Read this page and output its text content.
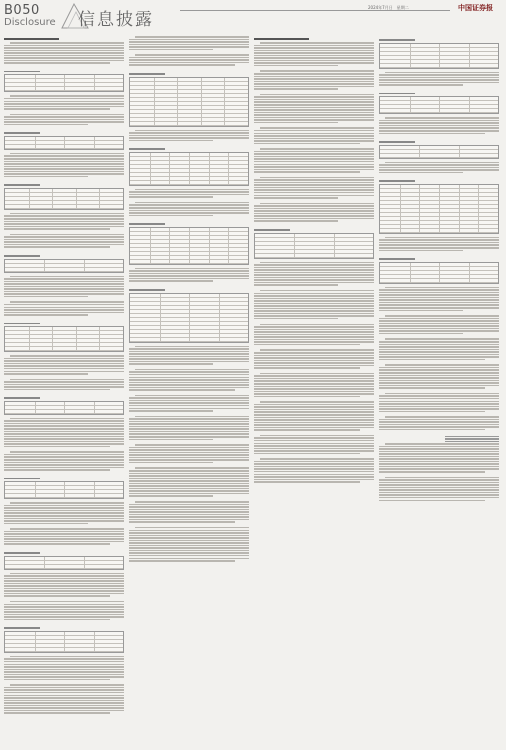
B050
Disclosure 信息披露
2024年7月日　星期二	中国证券报
